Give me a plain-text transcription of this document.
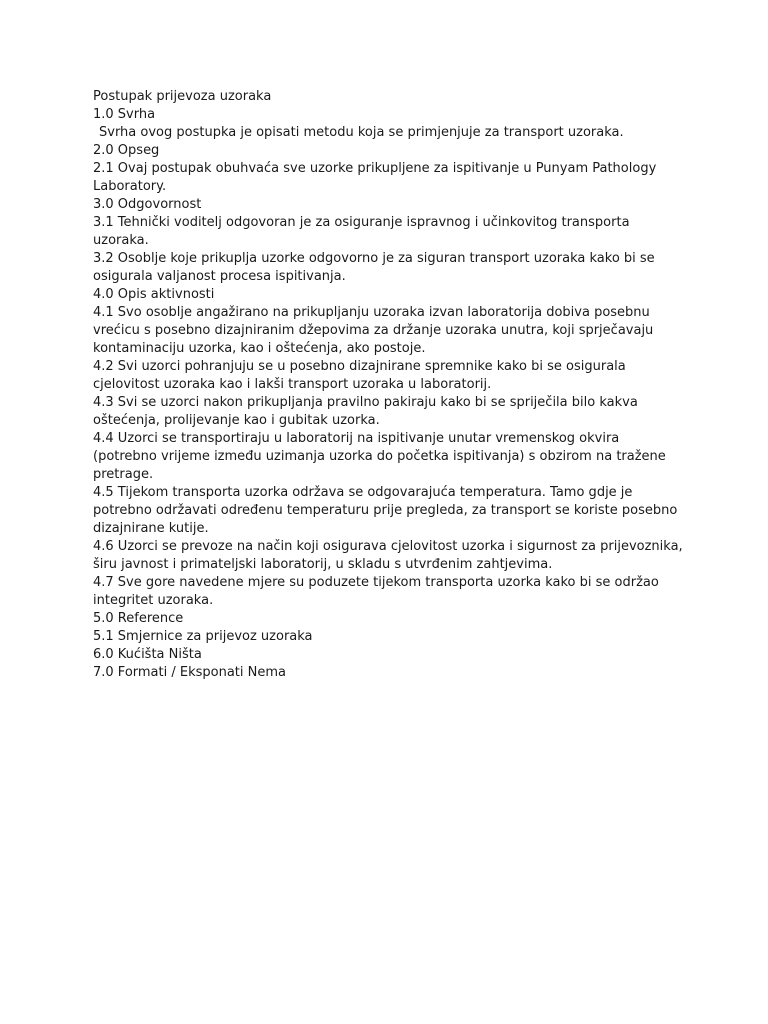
Postupak prijevoza uzoraka

1.0 Svrha

Svrha ovog postupka je opisati metodu koja se primjenjuje za transport uzoraka.

2.0 Opseg

2.1 Ovaj postupak obuhvaća sve uzorke prikupljene za ispitivanje u Punyam Pathology Laboratory.

3.0 Odgovornost

3.1 Tehnički voditelj odgovoran je za osiguranje ispravnog i učinkovitog transporta uzoraka.

3.2 Osoblje koje prikuplja uzorke odgovorno je za siguran transport uzoraka kako bi se osigurala valjanost procesa ispitivanja.

4.0 Opis aktivnosti

4.1 Svo osoblje angažirano na prikupljanju uzoraka izvan laboratorija dobiva posebnu vrećicu s posebno dizajniranim džepovima za držanje uzoraka unutra, koji sprječavaju kontaminaciju uzorka, kao i oštećenja, ako postoje.

4.2 Svi uzorci pohranjuju se u posebno dizajnirane spremnike kako bi se osigurala cjelovitost uzoraka kao i lakši transport uzoraka u laboratorij.

4.3 Svi se uzorci nakon prikupljanja pravilno pakiraju kako bi se spriječila bilo kakva oštećenja, prolijevanje kao i gubitak uzorka.

4.4 Uzorci se transportiraju u laboratorij na ispitivanje unutar vremenskog okvira (potrebno vrijeme između uzimanja uzorka do početka ispitivanja) s obzirom na tražene pretrage.

4.5 Tijekom transporta uzorka održava se odgovarajuća temperatura. Tamo gdje je potrebno održavati određenu temperaturu prije pregleda, za transport se koriste posebno dizajnirane kutije.

4.6 Uzorci se prevoze na način koji osigurava cjelovitost uzorka i sigurnost za prijevoznika, širu javnost i primateljski laboratorij, u skladu s utvrđenim zahtjevima.

4.7 Sve gore navedene mjere su poduzete tijekom transporta uzorka kako bi se održao integritet uzoraka.

5.0 Reference

5.1 Smjernice za prijevoz uzoraka

6.0 Kućišta Ništa

7.0 Formati / Eksponati Nema
